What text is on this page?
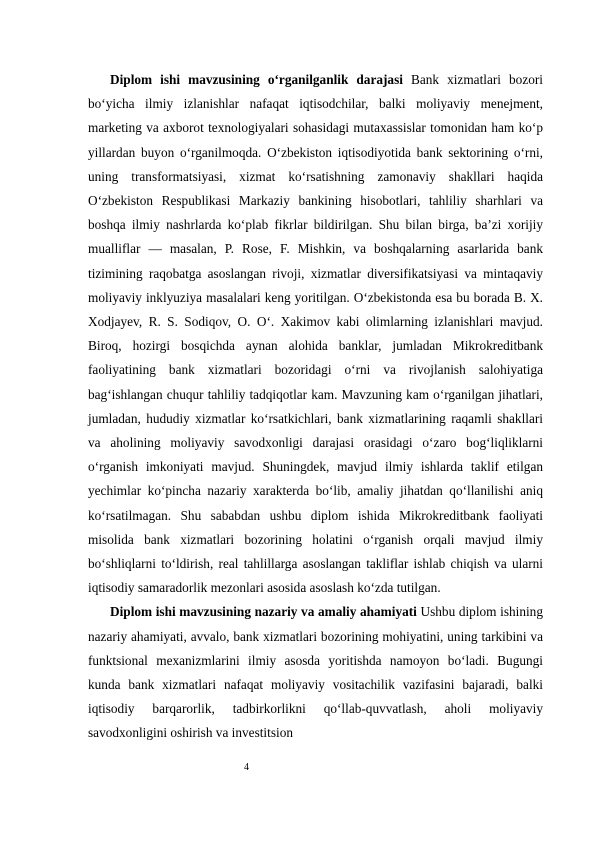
Diplom ishi mavzusining o‘rganilganlik darajasi Bank xizmatlari bozori bo‘yicha ilmiy izlanishlar nafaqat iqtisodchilar, balki moliyaviy menejment, marketing va axborot texnologiyalari sohasidagi mutaxassislar tomonidan ham ko‘p yillardan buyon o‘rganilmoqda. O‘zbekiston iqtisodiyotida bank sektorining o‘rni, uning transformatsiyasi, xizmat ko‘rsatishning zamonaviy shakllari haqida O‘zbekiston Respublikasi Markaziy bankining hisobotlari, tahliliy sharhlari va boshqa ilmiy nashrlarda ko‘plab fikrlar bildirilgan. Shu bilan birga, ba’zi xorijiy mualliflar — masalan, P. Rose, F. Mishkin, va boshqalarning asarlarida bank tizimining raqobatga asoslangan rivoji, xizmatlar diversifikatsiyasi va mintaqaviy moliyaviy inklyuziya masalalari keng yoritilgan. O‘zbekistonda esa bu borada B. X. Xodjayev, R. S. Sodiqov, O. O‘. Xakimov kabi olimlarning izlanishlari mavjud. Biroq, hozirgi bosqichda aynan alohida banklar, jumladan Mikrokreditbank faoliyatining bank xizmatlari bozoridagi o‘rni va rivojlanish salohiyatiga bag‘ishlangan chuqur tahliliy tadqiqotlar kam. Mavzuning kam o‘rganilgan jihatlari, jumladan, hududiy xizmatlar ko‘rsatkichlari, bank xizmatlarining raqamli shakllari va aholining moliyaviy savodxonligi darajasi orasidagi o‘zaro bog‘liqliklarni o‘rganish imkoniyati mavjud. Shuningdek, mavjud ilmiy ishlarda taklif etilgan yechimlar ko‘pincha nazariy xarakterda bo‘lib, amaliy jihatdan qo‘llanilishi aniq ko‘rsatilmagan. Shu sababdan ushbu diplom ishida Mikrokreditbank faoliyati misolida bank xizmatlari bozorining holatini o‘rganish orqali mavjud ilmiy bo‘shliqlarni to‘ldirish, real tahlillarga asoslangan takliflar ishlab chiqish va ularni iqtisodiy samaradorlik mezonlari asosida asoslash ko‘zda tutilgan.

Diplom ishi mavzusining nazariy va amaliy ahamiyati Ushbu diplom ishining nazariy ahamiyati, avvalo, bank xizmatlari bozorining mohiyatini, uning tarkibini va funktsional mexanizmlarini ilmiy asosda yoritishda namoyon bo‘ladi. Bugungi kunda bank xizmatlari nafaqat moliyaviy vositachilik vazifasini bajaradi, balki iqtisodiy barqarorlik, tadbirkorlikni qo‘llab-quvvatlash, aholi moliyaviy savodxonligini oshirish va investitsion

4
